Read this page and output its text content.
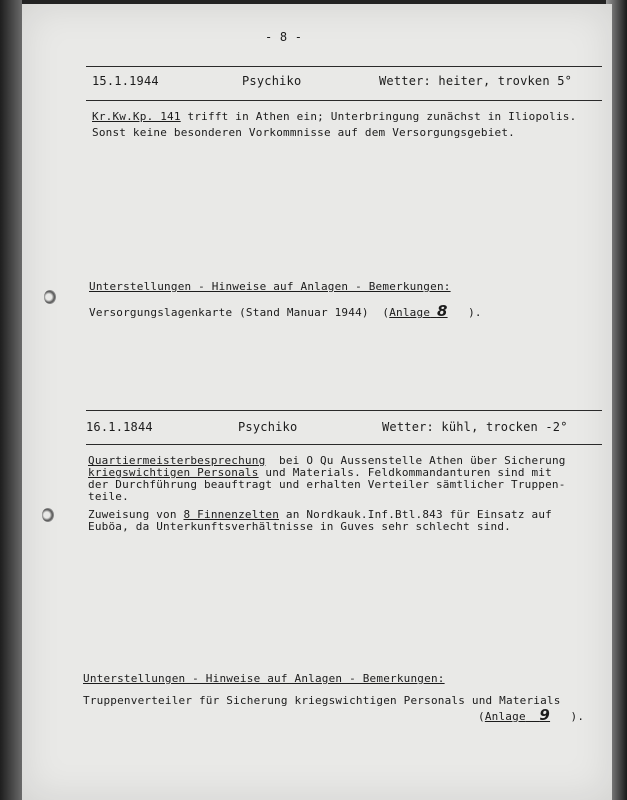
- 8 -
15.1.1944	Psychiko	Wetter: heiter, trovken 5°
Kr.Kw.Kp. 141 trifft in Athen ein; Unterbringung zunächst in Iliopolis.
Sonst keine besonderen Vorkommnisse auf dem Versorgungsgebiet.
Unterstellungen - Hinweise auf Anlagen - Bemerkungen:
Versorgungslagenkarte (Stand Manuar 1944)  (Anlage 8   ).
16.1.1844	Psychiko	Wetter: kühl, trocken -2°
Quartiermeisterbesprechung  bei O Qu Aussenstelle Athen über Sicherung
kriegswichtigen Personals und Materials. Feldkommandanturen sind mit
der Durchführung beauftragt und erhalten Verteiler sämtlicher Truppen-
teile.
Zuweisung von 8 Finnenzelten an Nordkauk.Inf.Btl.843 für Einsatz auf
Euböa, da Unterkunftsverhältnisse in Guves sehr schlecht sind.
Unterstellungen - Hinweise auf Anlagen - Bemerkungen:
Truppenverteiler für Sicherung kriegswichtigen Personals und Materials
(Anlage 9   ).
